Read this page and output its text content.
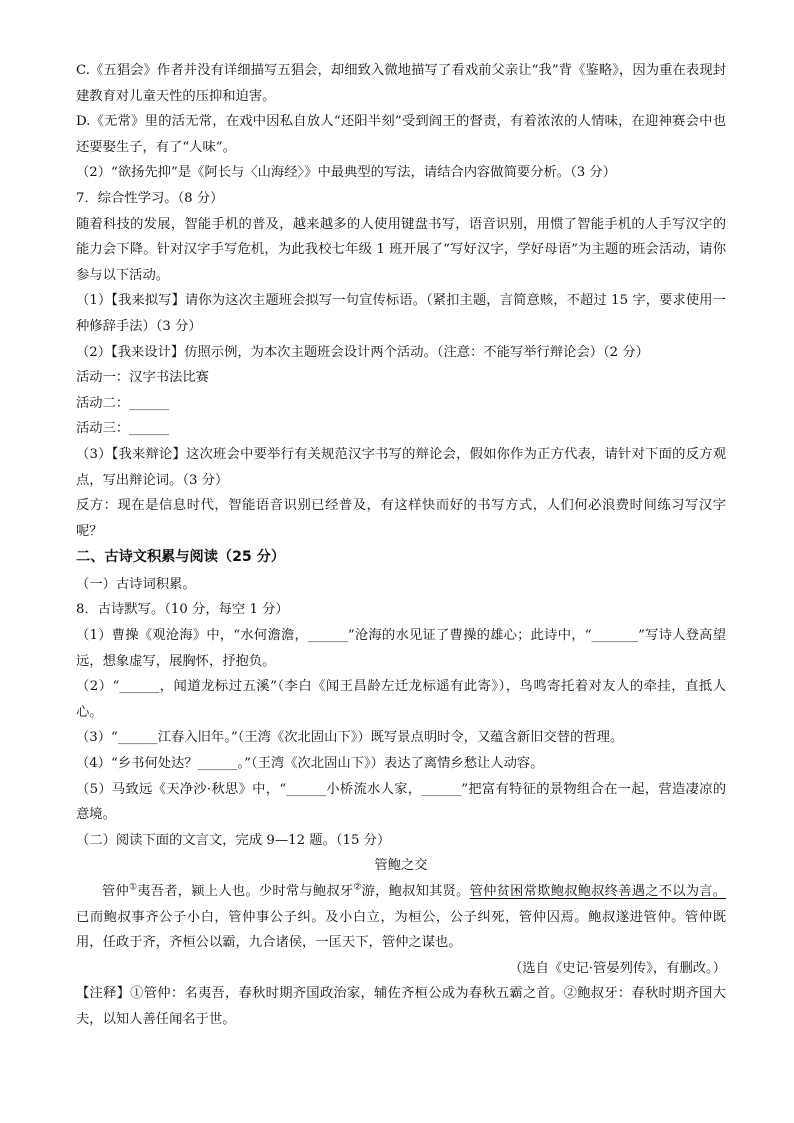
C.《五猖会》作者并没有详细描写五猖会，却细致入微地描写了看戏前父亲让“我”背《鉴略》，因为重在表现封建教育对儿童天性的压抑和迫害。

D.《无常》里的活无常，在戏中因私自放人“还阳半刻”受到阎王的督责，有着浓浓的人情味，在迎神赛会中也还要娶生子，有了“人味”。

（2）“欲扬先抑”是《阿长与〈山海经〉》中最典型的写法，请结合内容做简要分析。（3 分）

7．综合性学习。（8 分）

随着科技的发展，智能手机的普及，越来越多的人使用键盘书写，语音识别，用惯了智能手机的人手写汉字的能力会下降。针对汉字手写危机，为此我校七年级 1 班开展了“写好汉字，学好母语”为主题的班会活动，请你参与以下活动。

（1）【我来拟写】请你为这次主题班会拟写一句宣传标语。（紧扣主题，言简意赅，不超过 15 字，要求使用一种修辞手法）（3 分）

（2）【我来设计】仿照示例，为本次主题班会设计两个活动。（注意：不能写举行辩论会）（2 分）

活动一：汉字书法比赛

活动二：______

活动三：______

（3）【我来辩论】这次班会中要举行有关规范汉字书写的辩论会，假如你作为正方代表，请针对下面的反方观点，写出辩论词。（3 分）

反方：现在是信息时代，智能语音识别已经普及，有这样快而好的书写方式，人们何必浪费时间练习写汉字呢？

二、古诗文积累与阅读（25 分）

（一）古诗词积累。

8．古诗默写。（10 分，每空 1 分）

（1）曹操《观沧海》中，“水何澹澹，______”沧海的水见证了曹操的雄心；此诗中，“_______”写诗人登高望远，想象虚写，展胸怀，抒抱负。

（2）“______，闻道龙标过五溪”（李白《闻王昌龄左迁龙标遥有此寄》），鸟鸣寄托着对友人的牵挂，直抵人心。

（3）“______江春入旧年。”（王湾《次北固山下》）既写景点明时令，又蕴含新旧交替的哲理。

（4）“乡书何处达？______。”（王湾《次北固山下》）表达了离情乡愁让人动容。

（5）马致远《天净沙·秋思》中，“______小桥流水人家，______”把富有特征的景物组合在一起，营造凄凉的意境。

（二）阅读下面的文言文，完成 9—12 题。（15 分）

管鲍之交

管仲①夷吾者，颍上人也。少时常与鲍叔牙②游，鲍叔知其贤。管仲贫困常欺鲍叔鲍叔终善遇之不以为言。已而鲍叔事齐公子小白，管仲事公子纠。及小白立，为桓公，公子纠死，管仲囚焉。鲍叔遂进管仲。管仲既用，任政于齐，齐桓公以霸，九合诸侯，一匡天下，管仲之谋也。

（选自《史记·管晏列传》，有删改。）

【注释】①管仲：名夷吾，春秋时期齐国政治家，辅佐齐桓公成为春秋五霸之首。②鲍叔牙：春秋时期齐国大夫，以知人善任闻名于世。
